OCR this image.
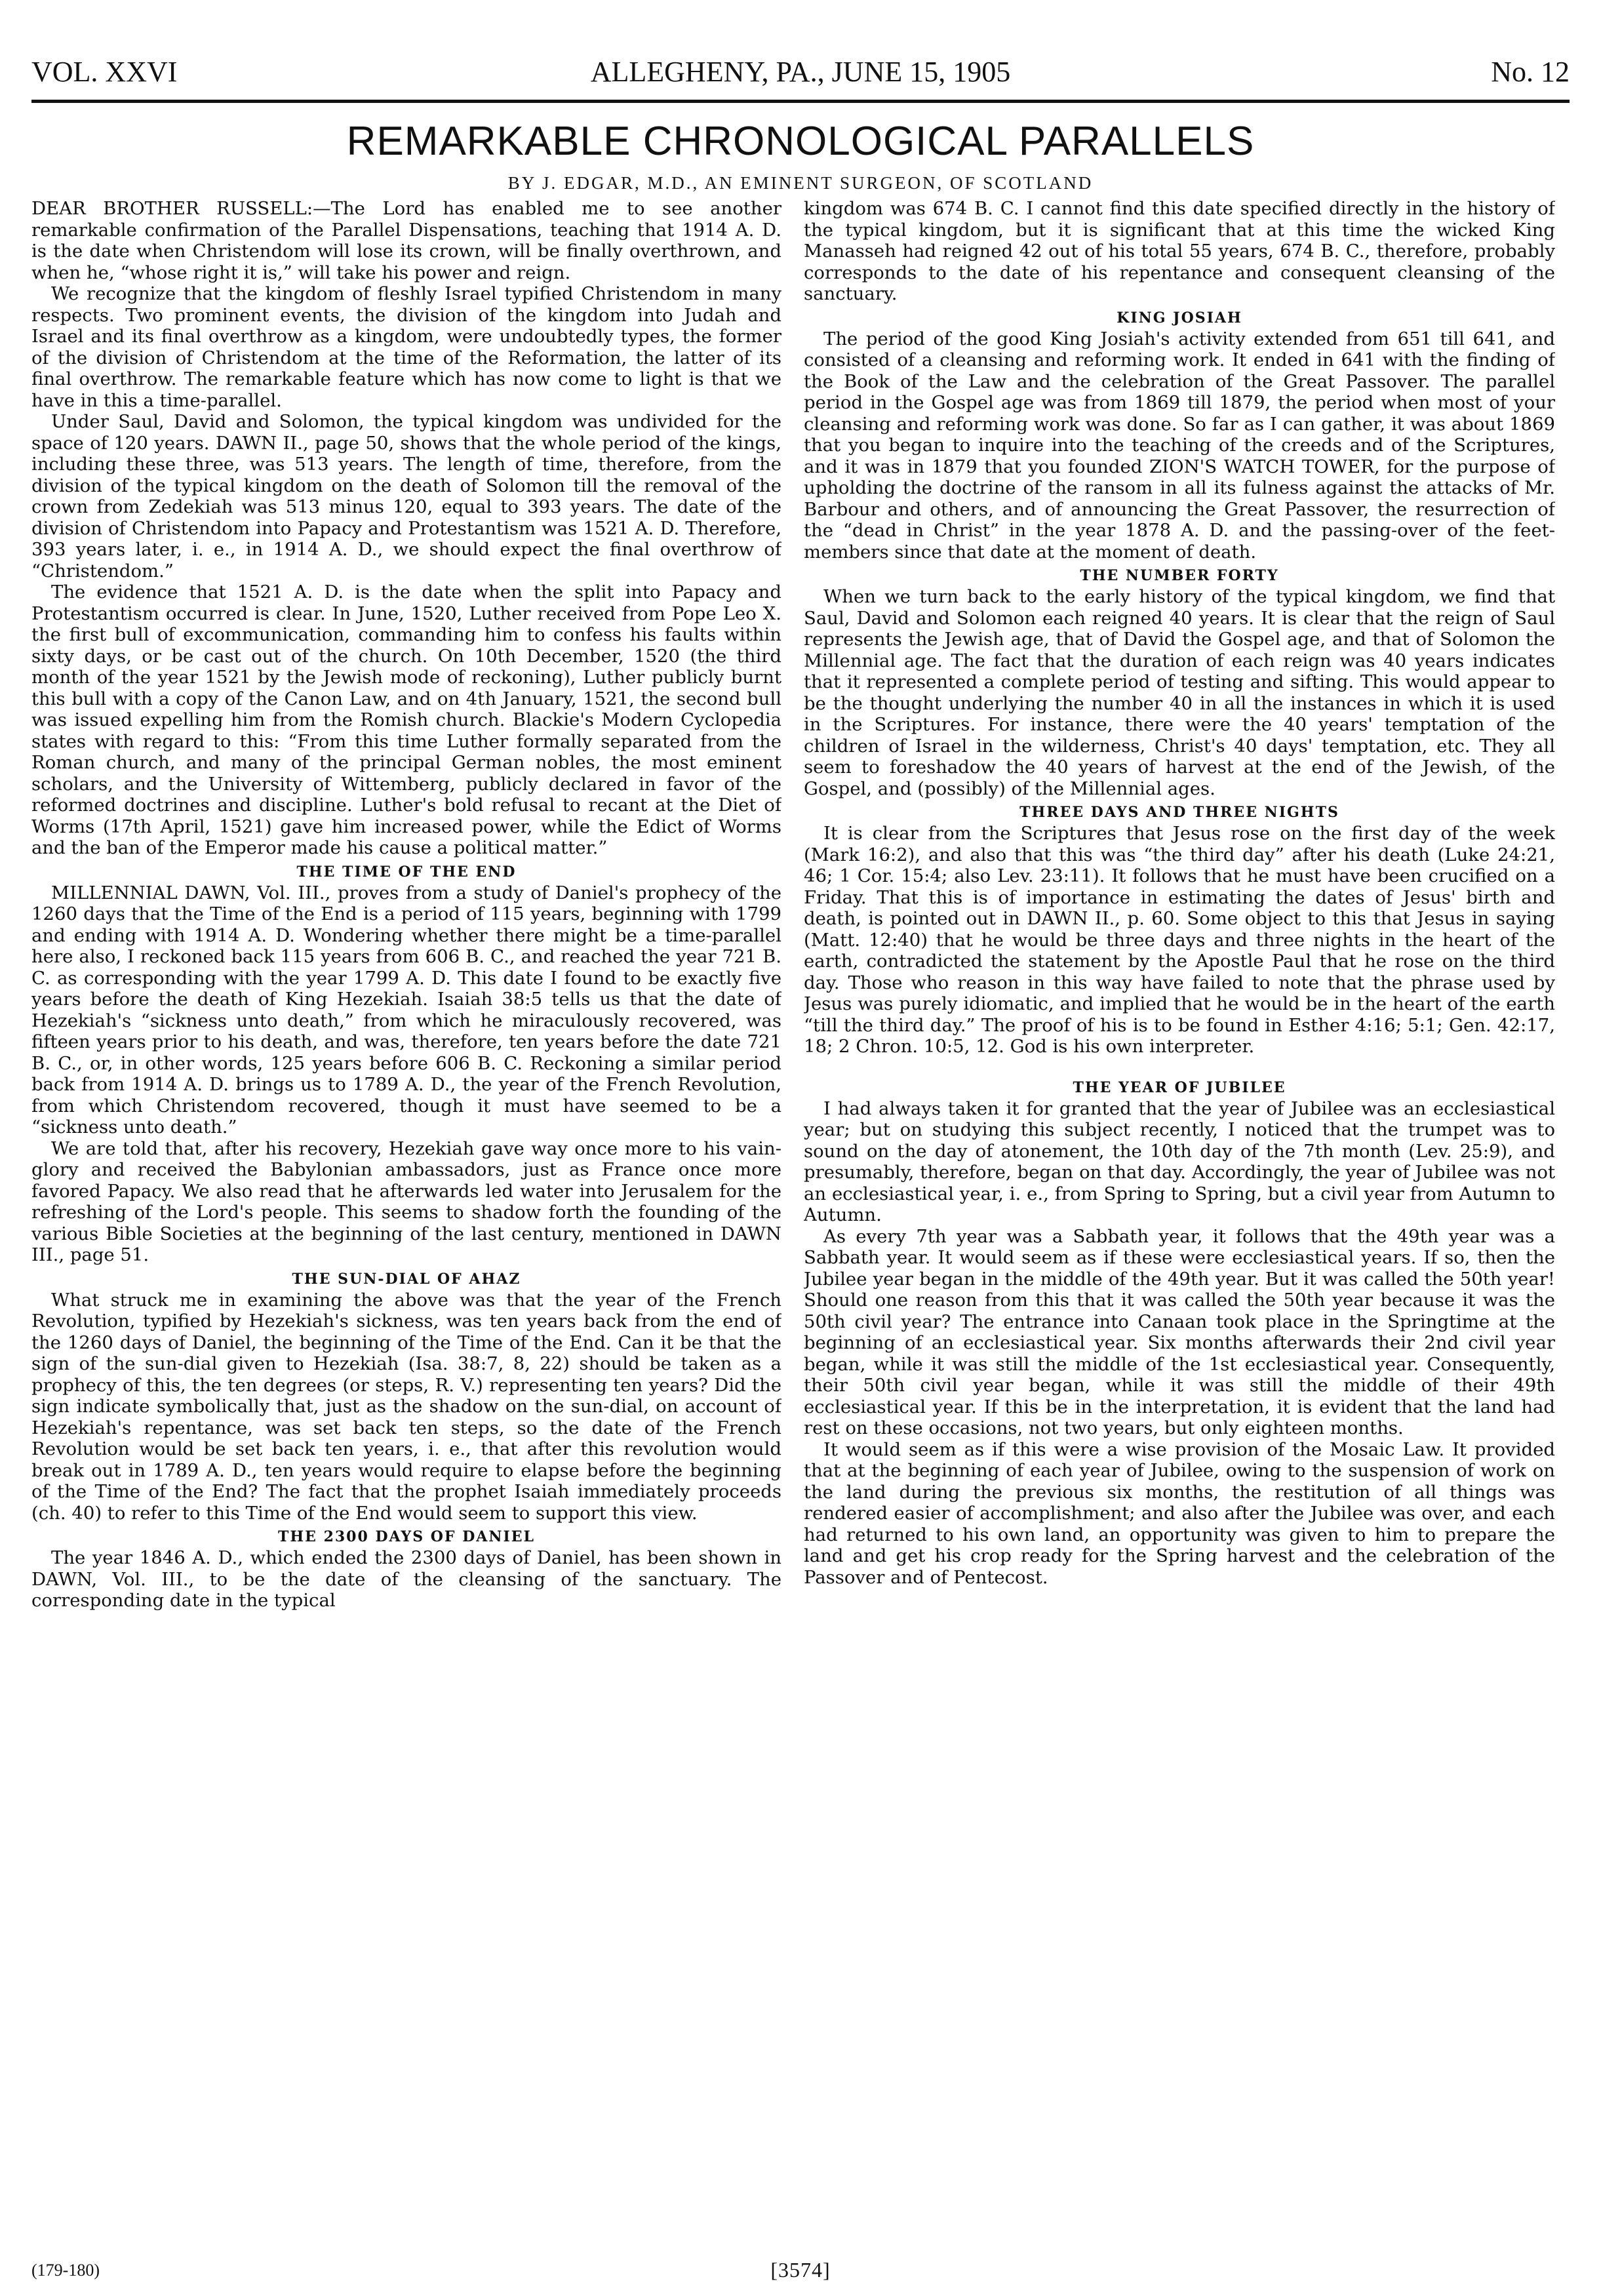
VOL. XXVI	ALLEGHENY, PA., JUNE 15, 1905	No. 12
REMARKABLE CHRONOLOGICAL PARALLELS
BY J. EDGAR, M.D., AN EMINENT SURGEON, OF SCOTLAND

DEAR BROTHER RUSSELL:—The Lord has enabled me to see another remarkable confirmation of the Parallel Dispensations, teaching that 1914 A. D. is the date when Christendom will lose its crown, will be finally overthrown, and when he, “whose right it is,” will take his power and reign.

We recognize that the kingdom of fleshly Israel typified Christendom in many respects. Two prominent events, the division of the kingdom into Judah and Israel and its final overthrow as a kingdom, were undoubtedly types, the former of the division of Christendom at the time of the Reformation, the latter of its final overthrow. The remarkable feature which has now come to light is that we have in this a time-parallel.

Under Saul, David and Solomon, the typical kingdom was undivided for the space of 120 years. DAWN II., page 50, shows that the whole period of the kings, including these three, was 513 years. The length of time, therefore, from the division of the typical kingdom on the death of Solomon till the removal of the crown from Zedekiah was 513 minus 120, equal to 393 years. The date of the division of Christendom into Papacy and Protestantism was 1521 A. D. Therefore, 393 years later, i. e., in 1914 A. D., we should expect the final overthrow of “Christendom.”

The evidence that 1521 A. D. is the date when the split into Papacy and Protestantism occurred is clear. In June, 1520, Luther received from Pope Leo X. the first bull of excommunication, commanding him to confess his faults within sixty days, or be cast out of the church. On 10th December, 1520 (the third month of the year 1521 by the Jewish mode of reckoning), Luther publicly burnt this bull with a copy of the Canon Law, and on 4th January, 1521, the second bull was issued expelling him from the Romish church. Blackie's Modern Cyclopedia states with regard to this: “From this time Luther formally separated from the Roman church, and many of the principal German nobles, the most eminent scholars, and the University of Wittemberg, publicly declared in favor of the reformed doctrines and discipline. Luther's bold refusal to recant at the Diet of Worms (17th April, 1521) gave him increased power, while the Edict of Worms and the ban of the Emperor made his cause a political matter.”

THE TIME OF THE END

MILLENNIAL DAWN, Vol. III., proves from a study of Daniel's prophecy of the 1260 days that the Time of the End is a period of 115 years, beginning with 1799 and ending with 1914 A. D. Wondering whether there might be a time-parallel here also, I reckoned back 115 years from 606 B. C., and reached the year 721 B. C. as corresponding with the year 1799 A. D. This date I found to be exactly five years before the death of King Hezekiah. Isaiah 38:5 tells us that the date of Hezekiah's “sickness unto death,” from which he miraculously recovered, was fifteen years prior to his death, and was, therefore, ten years before the date 721 B. C., or, in other words, 125 years before 606 B. C. Reckoning a similar period back from 1914 A. D. brings us to 1789 A. D., the year of the French Revolution, from which Christendom recovered, though it must have seemed to be a “sickness unto death.”

We are told that, after his recovery, Hezekiah gave way once more to his vain-glory and received the Babylonian ambassadors, just as France once more favored Papacy. We also read that he afterwards led water into Jerusalem for the refreshing of the Lord's people. This seems to shadow forth the founding of the various Bible Societies at the beginning of the last century, mentioned in DAWN III., page 51.

THE SUN-DIAL OF AHAZ

What struck me in examining the above was that the year of the French Revolution, typified by Hezekiah's sickness, was ten years back from the end of the 1260 days of Daniel, the beginning of the Time of the End. Can it be that the sign of the sun-dial given to Hezekiah (Isa. 38:7, 8, 22) should be taken as a prophecy of this, the ten degrees (or steps, R. V.) representing ten years? Did the sign indicate symbolically that, just as the shadow on the sun-dial, on account of Hezekiah's repentance, was set back ten steps, so the date of the French Revolution would be set back ten years, i. e., that after this revolution would break out in 1789 A. D., ten years would require to elapse before the beginning of the Time of the End? The fact that the prophet Isaiah immediately proceeds (ch. 40) to refer to this Time of the End would seem to support this view.

THE 2300 DAYS OF DANIEL

The year 1846 A. D., which ended the 2300 days of Daniel, has been shown in DAWN, Vol. III., to be the date of the cleansing of the sanctuary. The corresponding date in the typical

kingdom was 674 B. C. I cannot find this date specified directly in the history of the typical kingdom, but it is significant that at this time the wicked King Manasseh had reigned 42 out of his total 55 years, 674 B. C., therefore, probably corresponds to the date of his repentance and consequent cleansing of the sanctuary.

KING JOSIAH

The period of the good King Josiah's activity extended from 651 till 641, and consisted of a cleansing and reforming work. It ended in 641 with the finding of the Book of the Law and the celebration of the Great Passover. The parallel period in the Gospel age was from 1869 till 1879, the period when most of your cleansing and reforming work was done. So far as I can gather, it was about 1869 that you began to inquire into the teaching of the creeds and of the Scriptures, and it was in 1879 that you founded ZION'S WATCH TOWER, for the purpose of upholding the doctrine of the ransom in all its fulness against the attacks of Mr. Barbour and others, and of announcing the Great Passover, the resurrection of the “dead in Christ” in the year 1878 A. D. and the passing-over of the feet-members since that date at the moment of death.

THE NUMBER FORTY

When we turn back to the early history of the typical kingdom, we find that Saul, David and Solomon each reigned 40 years. It is clear that the reign of Saul represents the Jewish age, that of David the Gospel age, and that of Solomon the Millennial age. The fact that the duration of each reign was 40 years indicates that it represented a complete period of testing and sifting. This would appear to be the thought underlying the number 40 in all the instances in which it is used in the Scriptures. For instance, there were the 40 years' temptation of the children of Israel in the wilderness, Christ's 40 days' temptation, etc. They all seem to foreshadow the 40 years of harvest at the end of the Jewish, of the Gospel, and (possibly) of the Millennial ages.

THREE DAYS AND THREE NIGHTS

It is clear from the Scriptures that Jesus rose on the first day of the week (Mark 16:2), and also that this was “the third day” after his death (Luke 24:21, 46; 1 Cor. 15:4; also Lev. 23:11). It follows that he must have been crucified on a Friday. That this is of importance in estimating the dates of Jesus' birth and death, is pointed out in DAWN II., p. 60. Some object to this that Jesus in saying (Matt. 12:40) that he would be three days and three nights in the heart of the earth, contradicted the statement by the Apostle Paul that he rose on the third day. Those who reason in this way have failed to note that the phrase used by Jesus was purely idiomatic, and implied that he would be in the heart of the earth “till the third day.” The proof of his is to be found in Esther 4:16; 5:1; Gen. 42:17, 18; 2 Chron. 10:5, 12. God is his own interpreter.

THE YEAR OF JUBILEE

I had always taken it for granted that the year of Jubilee was an ecclesiastical year; but on studying this subject recently, I noticed that the trumpet was to sound on the day of atonement, the 10th day of the 7th month (Lev. 25:9), and presumably, therefore, began on that day. Accordingly, the year of Jubilee was not an ecclesiastical year, i. e., from Spring to Spring, but a civil year from Autumn to Autumn.

As every 7th year was a Sabbath year, it follows that the 49th year was a Sabbath year. It would seem as if these were ecclesiastical years. If so, then the Jubilee year began in the middle of the 49th year. But it was called the 50th year! Should one reason from this that it was called the 50th year because it was the 50th civil year? The entrance into Canaan took place in the Springtime at the beginning of an ecclesiastical year. Six months afterwards their 2nd civil year began, while it was still the middle of the 1st ecclesiastical year. Consequently, their 50th civil year began, while it was still the middle of their 49th ecclesiastical year. If this be in the interpretation, it is evident that the land had rest on these occasions, not two years, but only eighteen months.

It would seem as if this were a wise provision of the Mosaic Law. It provided that at the beginning of each year of Jubilee, owing to the suspension of work on the land during the previous six months, the restitution of all things was rendered easier of accomplishment; and also after the Jubilee was over, and each had returned to his own land, an opportunity was given to him to prepare the land and get his crop ready for the Spring harvest and the celebration of the Passover and of Pentecost.

(179-180)	[3574]
